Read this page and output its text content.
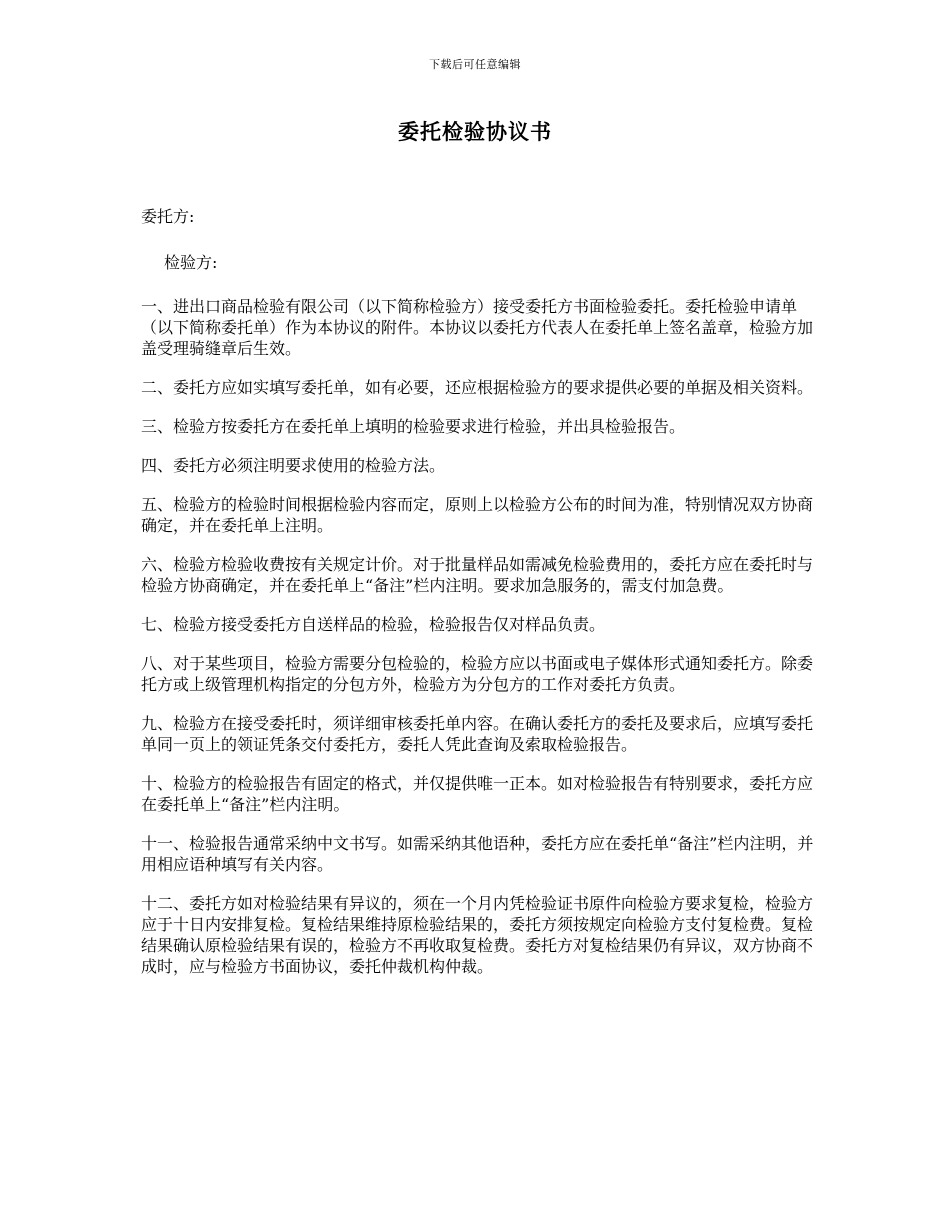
下载后可任意编辑
委托检验协议书
委托方:
检验方:

一、进出口商品检验有限公司（以下简称检验方）接受委托方书面检验委托。委托检验申请单（以下简称委托单）作为本协议的附件。本协议以委托方代表人在委托单上签名盖章，检验方加盖受理骑缝章后生效。

二、委托方应如实填写委托单，如有必要，还应根据检验方的要求提供必要的单据及相关资料。

三、检验方按委托方在委托单上填明的检验要求进行检验，并出具检验报告。

四、委托方必须注明要求使用的检验方法。

五、检验方的检验时间根据检验内容而定，原则上以检验方公布的时间为准，特别情况双方协商确定，并在委托单上注明。

六、检验方检验收费按有关规定计价。对于批量样品如需减免检验费用的，委托方应在委托时与检验方协商确定，并在委托单上“备注”栏内注明。要求加急服务的，需支付加急费。

七、检验方接受委托方自送样品的检验，检验报告仅对样品负责。

八、对于某些项目，检验方需要分包检验的，检验方应以书面或电子媒体形式通知委托方。除委托方或上级管理机构指定的分包方外，检验方为分包方的工作对委托方负责。

九、检验方在接受委托时，须详细审核委托单内容。在确认委托方的委托及要求后，应填写委托单同一页上的领证凭条交付委托方，委托人凭此查询及索取检验报告。

十、检验方的检验报告有固定的格式，并仅提供唯一正本。如对检验报告有特别要求，委托方应在委托单上“备注”栏内注明。

十一、检验报告通常采纳中文书写。如需采纳其他语种，委托方应在委托单“备注”栏内注明，并用相应语种填写有关内容。

十二、委托方如对检验结果有异议的，须在一个月内凭检验证书原件向检验方要求复检，检验方应于十日内安排复检。复检结果维持原检验结果的，委托方须按规定向检验方支付复检费。复检结果确认原检验结果有误的，检验方不再收取复检费。委托方对复检结果仍有异议，双方协商不成时，应与检验方书面协议，委托仲裁机构仲裁。
